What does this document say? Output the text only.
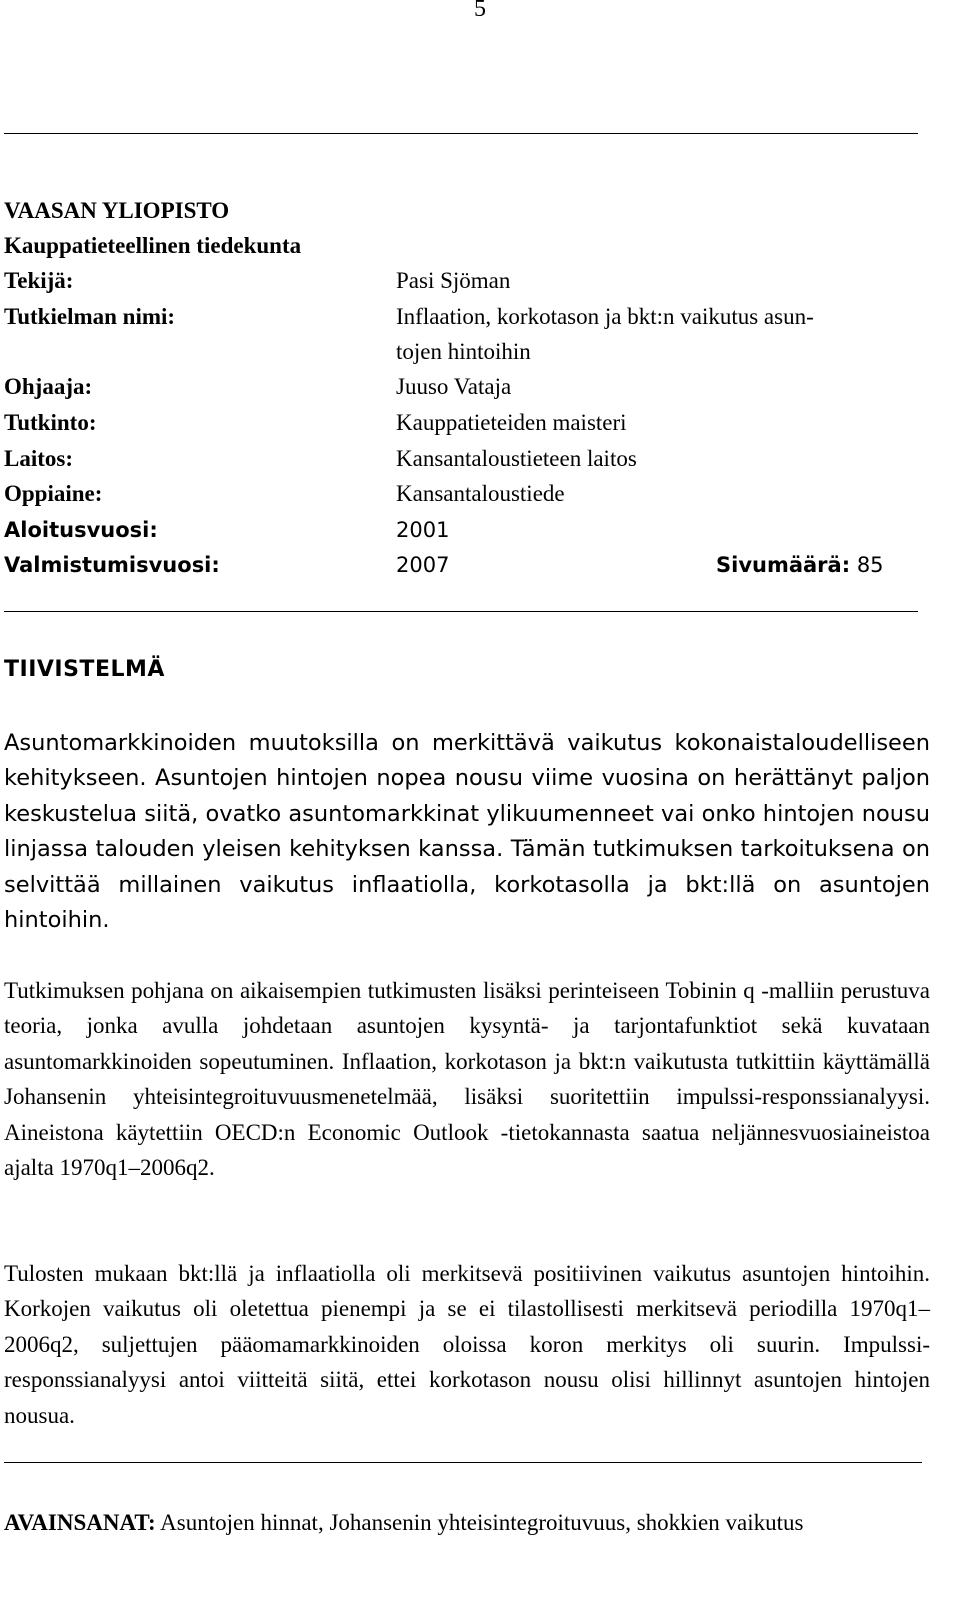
5
VAASAN YLIOPISTO
Kauppatieteellinen tiedekunta
Tekijä:	Pasi Sjöman
Tutkielman nimi:	Inflaation, korkotason ja bkt:n vaikutus asun-
tojen hintoihin
Ohjaaja:	Juuso Vataja
Tutkinto:	Kauppatieteiden maisteri
Laitos:	Kansantaloustieteen laitos
Oppiaine:	Kansantaloustiede
Aloitusvuosi:	2001
Valmistumisvuosi:	2007	Sivumäärä: 85
TIIVISTELMÄ
Asuntomarkkinoiden muutoksilla on merkittävä vaikutus kokonaistaloudelliseen kehitykseen. Asuntojen hintojen nopea nousu viime vuosina on herättänyt paljon keskustelua siitä, ovatko asuntomarkkinat ylikuumenneet vai onko hintojen nousu linjassa talouden yleisen kehityksen kanssa. Tämän tutkimuksen tarkoituksena on selvittää millainen vaikutus inflaatiolla, korkotasolla ja bkt:llä on asuntojen hintoihin.
Tutkimuksen pohjana on aikaisempien tutkimusten lisäksi perinteiseen Tobinin q -malliin perustuva teoria, jonka avulla johdetaan asuntojen kysyntä- ja tarjontafunktiot sekä kuvataan asuntomarkkinoiden sopeutuminen. Inflaation, korkotason ja bkt:n vaikutusta tutkittiin käyttämällä Johansenin yhteisintegroituvuusmenetelmää, lisäksi suoritettiin impulssi-responssianalyysi. Aineistona käytettiin OECD:n Economic Outlook -tietokannasta saatua neljännesvuosiaineistoa ajalta 1970q1–2006q2.
Tulosten mukaan bkt:llä ja inflaatiolla oli merkitsevä positiivinen vaikutus asuntojen hintoihin. Korkojen vaikutus oli oletettua pienempi ja se ei tilastollisesti merkitsevä periodilla 1970q1–2006q2, suljettujen pääomamarkkinoiden oloissa koron merkitys oli suurin. Impulssi-responssianalyysi antoi viitteitä siitä, ettei korkotason nousu olisi hillinnyt asuntojen hintojen nousua.
AVAINSANAT: Asuntojen hinnat, Johansenin yhteisintegroituvuus, shokkien vaikutus
